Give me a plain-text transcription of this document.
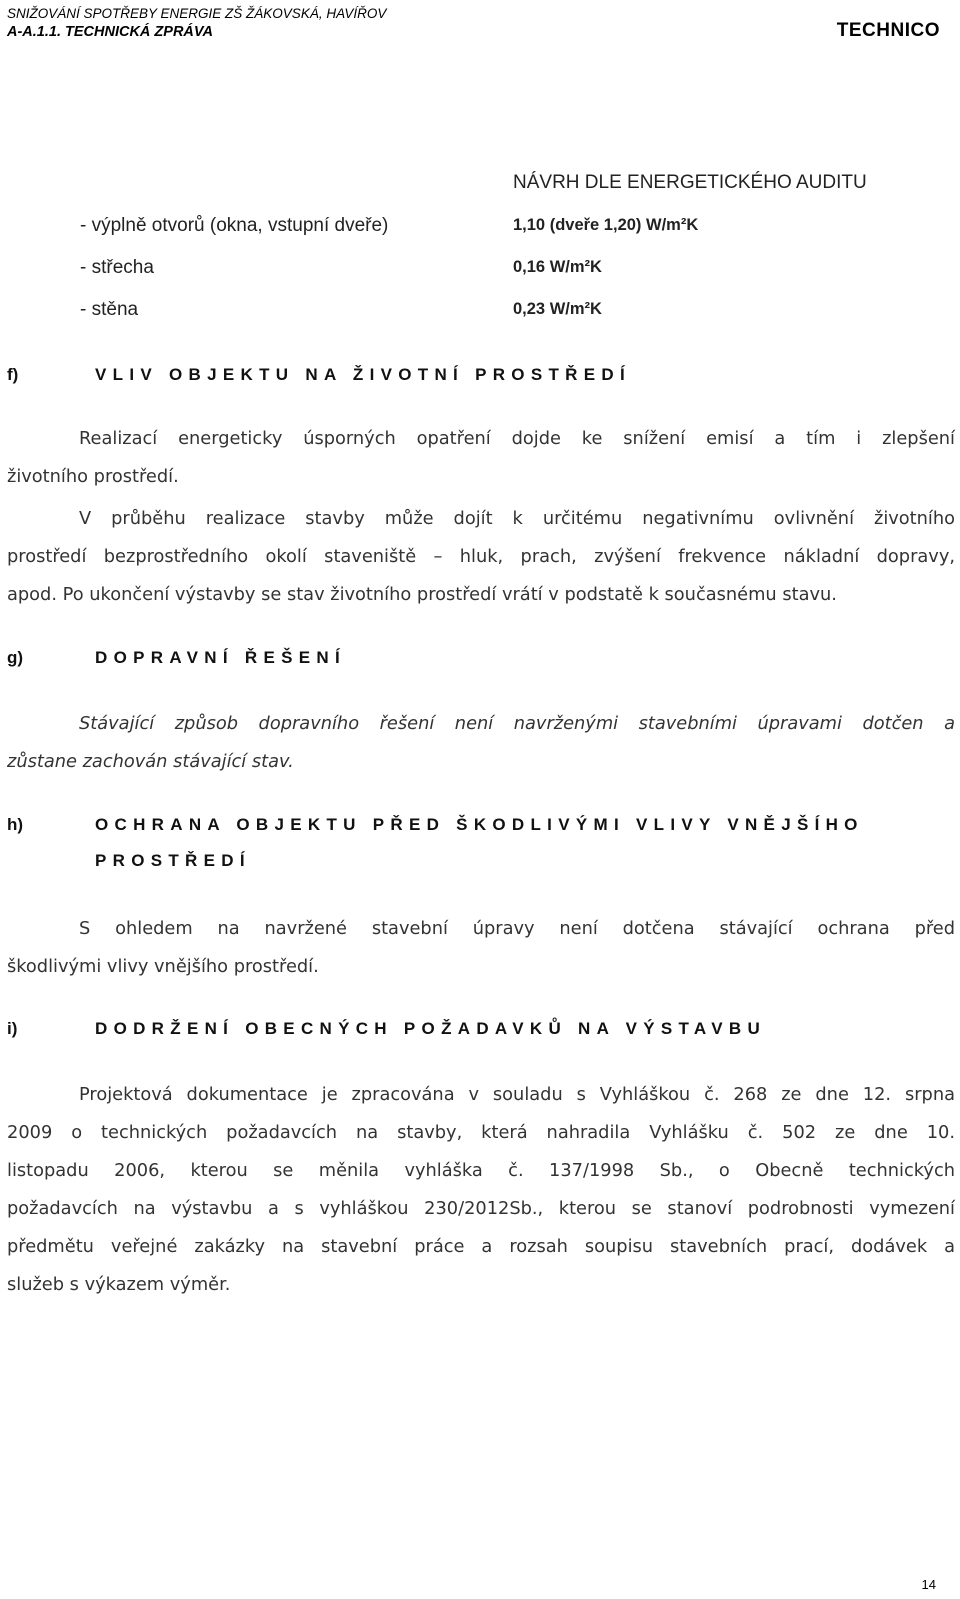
SNIŽOVÁNÍ SPOTŘEBY ENERGIE ZŠ ŽÁKOVSKÁ, HAVÍŘOV
A-A.1.1. TECHNICKÁ ZPRÁVA	TECHNICO
NÁVRH DLE ENERGETICKÉHO AUDITU
- výplně otvorů (okna, vstupní dveře)	1,10 (dveře 1,20) W/m²K
- střecha	0,16 W/m²K
- stěna	0,23 W/m²K
f)	VLIV OBJEKTU NA ŽIVOTNÍ PROSTŘEDÍ
Realizací energeticky úsporných opatření dojde ke snížení emisí a tím i zlepšení
životního prostředí.
V průběhu realizace stavby může dojít k určitému negativnímu ovlivnění životního
prostředí bezprostředního okolí staveniště – hluk, prach, zvýšení frekvence nákladní dopravy,
apod. Po ukončení výstavby se stav životního prostředí vrátí v podstatě k současnému stavu.
g)	DOPRAVNÍ ŘEŠENÍ
Stávající způsob dopravního řešení není navrženými stavebními úpravami dotčen a
zůstane zachován stávající stav.
h)	OCHRANA OBJEKTU PŘED ŠKODLIVÝMI VLIVY VNĚJŠÍHO
PROSTŘEDÍ
S ohledem na navržené stavební úpravy není dotčena stávající ochrana před
škodlivými vlivy vnějšího prostředí.
i)	DODRŽENÍ OBECNÝCH POŽADAVKŮ NA VÝSTAVBU
Projektová dokumentace je zpracována v souladu s Vyhláškou č. 268 ze dne 12. srpna
2009 o technických požadavcích na stavby, která nahradila Vyhlášku č. 502 ze dne 10.
listopadu 2006, kterou se měnila vyhláška č. 137/1998 Sb., o Obecně technických
požadavcích na výstavbu a s vyhláškou 230/2012Sb., kterou se stanoví podrobnosti vymezení
předmětu veřejné zakázky na stavební práce a rozsah soupisu stavebních prací, dodávek a
služeb s výkazem výměr.
14
